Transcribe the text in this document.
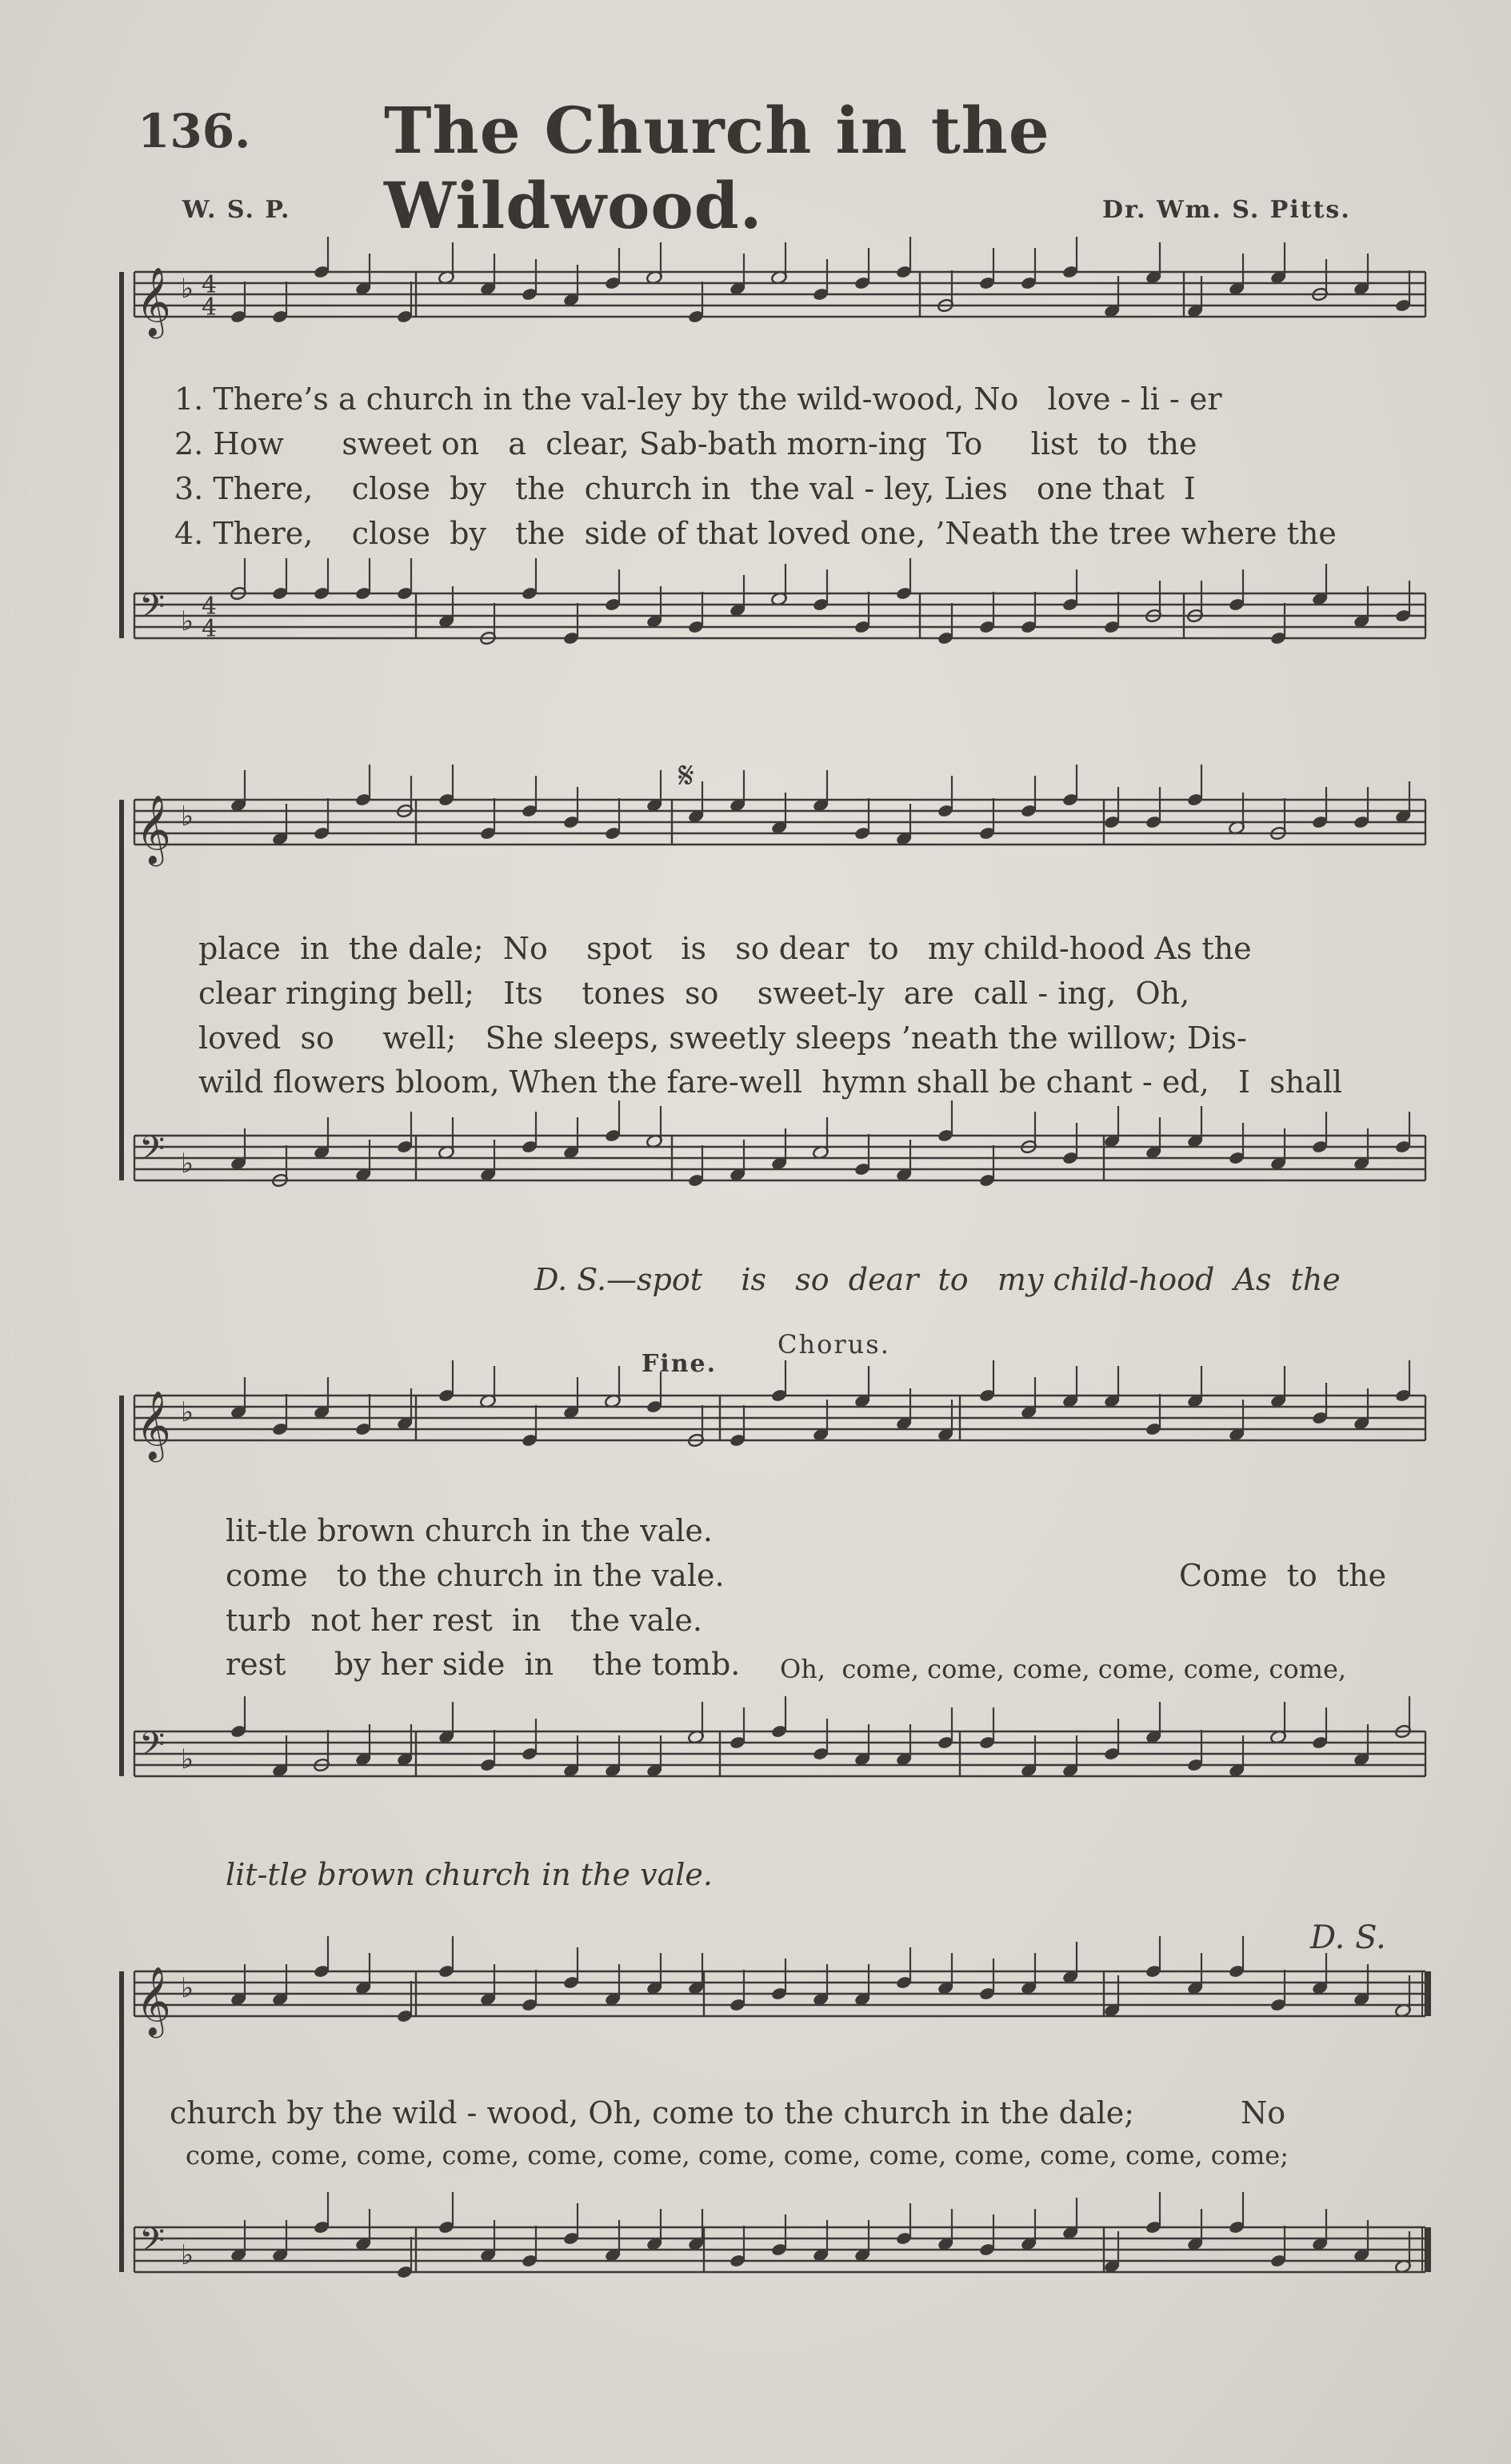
136. The Church in the Wildwood.
W. S. P.	Dr. Wm. S. Pitts.
𝄞
𝄢
♭
♭
4
4
4
4
𝄞
𝄢
♭
♭
𝄞
𝄢
♭
♭
𝄞
𝄢
♭
♭
𝄋
1. There’s a church in the val-ley by the wild-wood, No   love - li - er
2. How      sweet on   a  clear, Sab-bath morn-ing  To     list  to  the
3. There,    close  by   the  church in  the val - ley, Lies   one that  I
4. There,    close  by   the  side of that loved one, ’Neath the tree where the
place  in  the dale;  No    spot   is   so dear  to   my child-hood As the
clear ringing bell;   Its    tones  so    sweet-ly  are  call - ing,  Oh,
loved  so     well;   She sleeps, sweetly sleeps ’neath the willow; Dis-
wild flowers bloom, When the fare-well  hymn shall be chant - ed,   I  shall
D. S.—spot    is   so  dear  to   my child-hood  As  the
Fine.
Chorus.
lit-tle brown church in the vale.
come   to the church in the vale.
turb  not her rest  in   the vale.
rest     by her side  in    the tomb.
Come  to  the
Oh,  come, come, come, come, come, come,
lit-tle brown church in the vale.
D. S.
church by the wild - wood, Oh, come to the church in the dale;           No
come, come, come, come, come, come, come, come, come, come, come, come, come;
